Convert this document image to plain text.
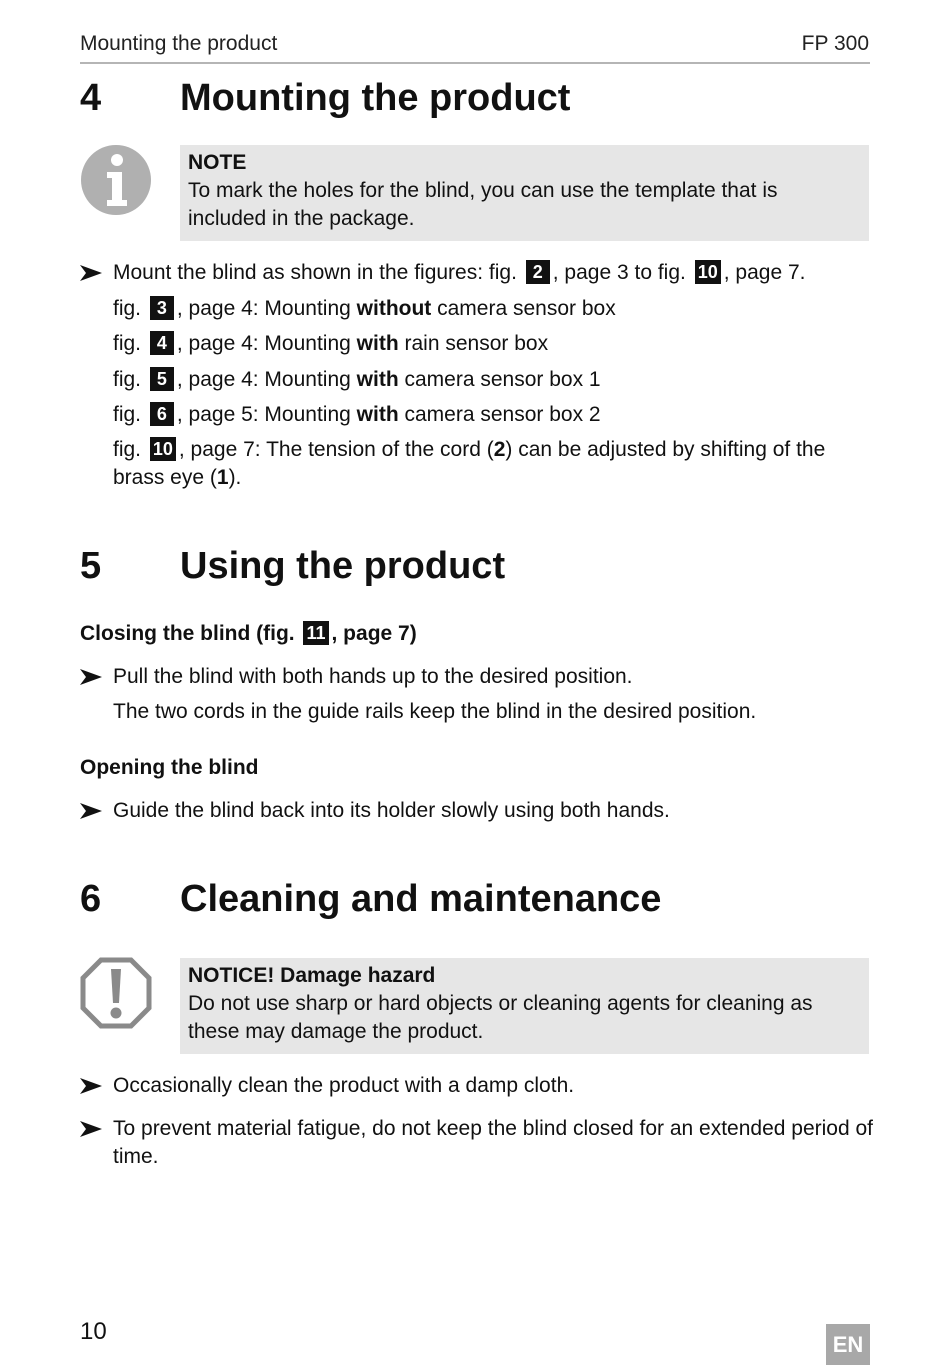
Mounting the product	FP 300
4 Mounting the product
NOTE
To mark the holes for the blind, you can use the template that is included in the package.
Mount the blind as shown in the figures: fig. 2 , page 3 to fig. 10 , page 7.
fig. 3 , page 4: Mounting without camera sensor box
fig. 4 , page 4: Mounting with rain sensor box
fig. 5 , page 4: Mounting with camera sensor box 1
fig. 6 , page 5: Mounting with camera sensor box 2
fig. 10 , page 7: The tension of the cord (2) can be adjusted by shifting of the brass eye (1).
5 Using the product
Closing the blind (fig. 11 , page 7)
Pull the blind with both hands up to the desired position.
The two cords in the guide rails keep the blind in the desired position.
Opening the blind
Guide the blind back into its holder slowly using both hands.
6 Cleaning and maintenance
NOTICE! Damage hazard
Do not use sharp or hard objects or cleaning agents for cleaning as these may damage the product.
Occasionally clean the product with a damp cloth.
To prevent material fatigue, do not keep the blind closed for an extended period of time.
10	EN
